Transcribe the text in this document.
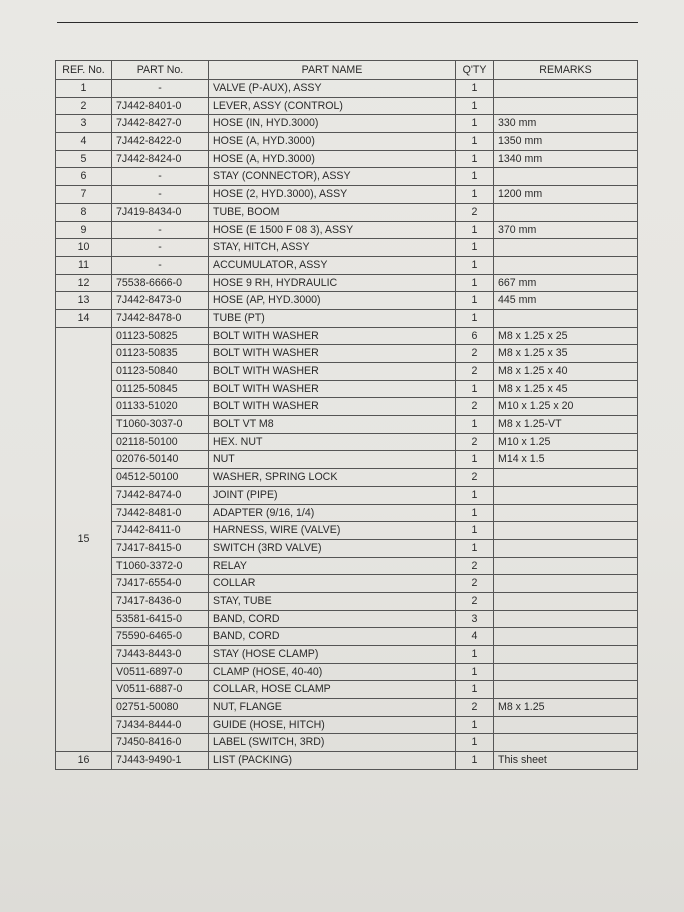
REF. No.	PART No.	PART NAME	Q'TY	REMARKS
1	-	VALVE (P-AUX), ASSY	1	
2	7J442-8401-0	LEVER, ASSY (CONTROL)	1	
3	7J442-8427-0	HOSE (IN, HYD.3000)	1	330 mm
4	7J442-8422-0	HOSE (A, HYD.3000)	1	1350 mm
5	7J442-8424-0	HOSE (A, HYD.3000)	1	1340 mm
6	-	STAY (CONNECTOR), ASSY	1	
7	-	HOSE (2, HYD.3000), ASSY	1	1200 mm
8	7J419-8434-0	TUBE, BOOM	2	
9	-	HOSE (E 1500 F 08 3), ASSY	1	370 mm
10	-	STAY, HITCH, ASSY	1	
11	-	ACCUMULATOR, ASSY	1	
12	75538-6666-0	HOSE 9 RH, HYDRAULIC	1	667 mm
13	7J442-8473-0	HOSE (AP, HYD.3000)	1	445 mm
14	7J442-8478-0	TUBE (PT)	1	
15	01123-50825	BOLT WITH WASHER	6	M8 x 1.25 x 25
	01123-50835	BOLT WITH WASHER	2	M8 x 1.25 x 35
	01123-50840	BOLT WITH WASHER	2	M8 x 1.25 x 40
	01125-50845	BOLT WITH WASHER	1	M8 x 1.25 x 45
	01133-51020	BOLT WITH WASHER	2	M10 x 1.25 x 20
	T1060-3037-0	BOLT VT M8	1	M8 x 1.25-VT
	02118-50100	HEX. NUT	2	M10 x 1.25
	02076-50140	NUT	1	M14 x 1.5
	04512-50100	WASHER, SPRING LOCK	2	
	7J442-8474-0	JOINT (PIPE)	1	
	7J442-8481-0	ADAPTER (9/16, 1/4)	1	
	7J442-8411-0	HARNESS, WIRE (VALVE)	1	
	7J417-8415-0	SWITCH (3RD VALVE)	1	
	T1060-3372-0	RELAY	2	
	7J417-6554-0	COLLAR	2	
	7J417-8436-0	STAY, TUBE	2	
	53581-6415-0	BAND, CORD	3	
	75590-6465-0	BAND, CORD	4	
	7J443-8443-0	STAY (HOSE CLAMP)	1	
	V0511-6897-0	CLAMP (HOSE, 40-40)	1	
	V0511-6887-0	COLLAR, HOSE CLAMP	1	
	02751-50080	NUT, FLANGE	2	M8 x 1.25
	7J434-8444-0	GUIDE (HOSE, HITCH)	1	
	7J450-8416-0	LABEL (SWITCH, 3RD)	1	
16	7J443-9490-1	LIST (PACKING)	1	This sheet
